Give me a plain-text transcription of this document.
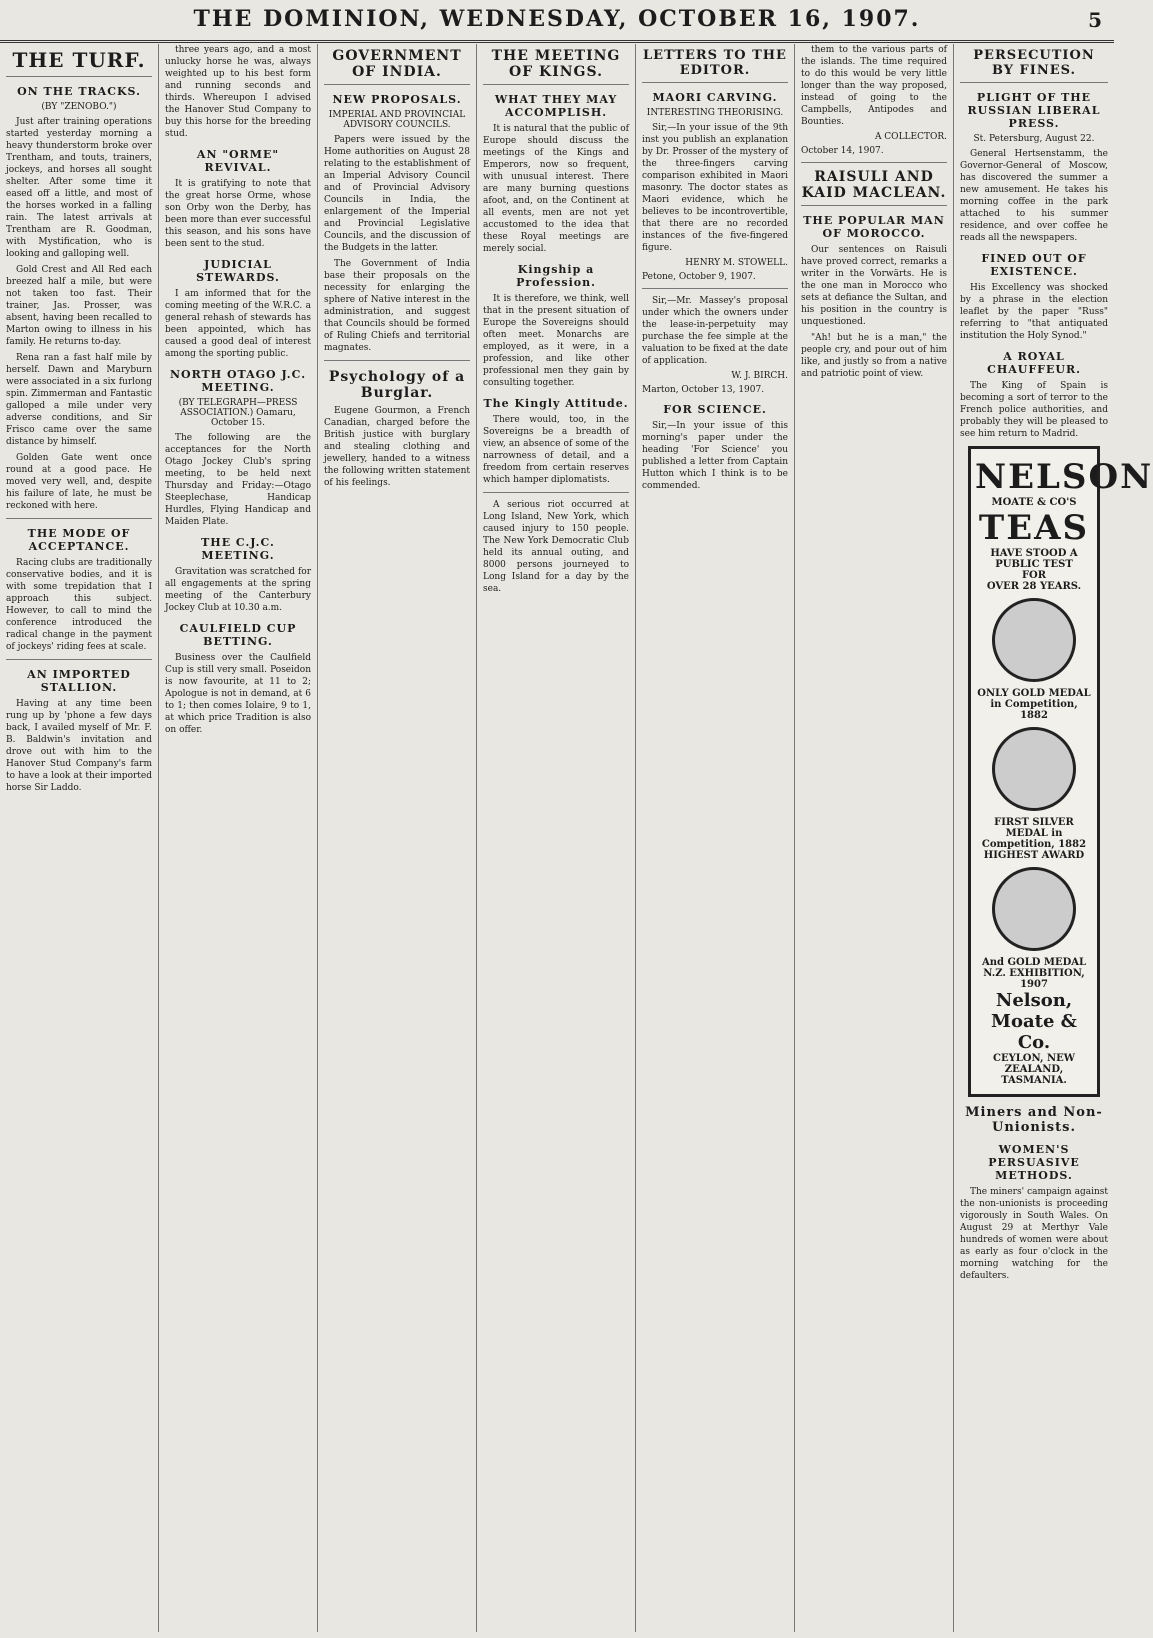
THE DOMINION, WEDNESDAY, OCTOBER 16, 1907.	5
THE TURF.
ON THE TRACKS.
(BY "ZENOBO.")

Just after training operations started yesterday morning a heavy thunderstorm broke over Trentham, and touts, trainers, jockeys, and horses all sought shelter. After some time it eased off a little, and most of the horses worked in a falling rain. The latest arrivals at Trentham are R. Goodman, with Mystification, who is looking and galloping well.

Gold Crest and All Red each breezed half a mile, but were not taken too fast. Their trainer, Jas. Prosser, was absent, having been recalled to Marton owing to illness in his family. He returns to-day.

Rena ran a fast half mile by herself. Dawn and Maryburn were associated in a six furlong spin. Zimmerman and Fantastic galloped a mile under very adverse conditions, and Sir Frisco came over the same distance by himself.

Golden Gate went once round at a good pace. He moved very well, and, despite his failure of late, he must be reckoned with here.

THE MODE OF ACCEPTANCE.

Racing clubs are traditionally conservative bodies, and it is with some trepidation that I approach this subject. However, to call to mind the conference introduced the radical change in the payment of jockeys' riding fees at scale.

AN IMPORTED STALLION.

Having at any time been rung up by 'phone a few days back, I availed myself of Mr. F. B. Baldwin's invitation and drove out with him to the Hanover Stud Company's farm to have a look at their imported horse Sir Laddo.

three years ago, and a most unlucky horse he was, always weighted up to his best form and running seconds and thirds. Whereupon I advised the Hanover Stud Company to buy this horse for the breeding stud.

AN "ORME" REVIVAL.

It is gratifying to note that the great horse Orme, whose son Orby won the Derby, has been more than ever successful this season, and his sons have been sent to the stud.

JUDICIAL STEWARDS.

I am informed that for the coming meeting of the W.R.C. a general rehash of stewards has been appointed, which has caused a good deal of interest among the sporting public.

NORTH OTAGO J.C. MEETING.
(BY TELEGRAPH—PRESS ASSOCIATION.) Oamaru, October 15.

The following are the acceptances for the North Otago Jockey Club's spring meeting, to be held next Thursday and Friday:—Otago Steeplechase, Handicap Hurdles, Flying Handicap and Maiden Plate.

THE C.J.C. MEETING.

Gravitation was scratched for all engagements at the spring meeting of the Canterbury Jockey Club at 10.30 a.m.

CAULFIELD CUP BETTING.

Business over the Caulfield Cup is still very small. Poseidon is now favourite, at 11 to 2; Apologue is not in demand, at 6 to 1; then comes Iolaire, 9 to 1, at which price Tradition is also on offer.

GOVERNMENT OF INDIA.
NEW PROPOSALS.
IMPERIAL AND PROVINCIAL ADVISORY COUNCILS.

Papers were issued by the Home authorities on August 28 relating to the establishment of an Imperial Advisory Council and of Provincial Advisory Councils in India, the enlargement of the Imperial and Provincial Legislative Councils, and the discussion of the Budgets in the latter.

The Government of India base their proposals on the necessity for enlarging the sphere of Native interest in the administration, and suggest that Councils should be formed of Ruling Chiefs and territorial magnates.

Psychology of a Burglar.

Eugene Gourmon, a French Canadian, charged before the British justice with burglary and stealing clothing and jewellery, handed to a witness the following written statement of his feelings.

THE MEETING OF KINGS.
WHAT THEY MAY ACCOMPLISH.

It is natural that the public of Europe should discuss the meetings of the Kings and Emperors, now so frequent, with unusual interest. There are many burning questions afoot, and, on the Continent at all events, men are not yet accustomed to the idea that these Royal meetings are merely social.

Kingship a Profession.

It is therefore, we think, well that in the present situation of Europe the Sovereigns should often meet. Monarchs are employed, as it were, in a profession, and like other professional men they gain by consulting together.

The Kingly Attitude.

There would, too, in the Sovereigns be a breadth of view, an absence of some of the narrowness of detail, and a freedom from certain reserves which hamper diplomatists.

A serious riot occurred at Long Island, New York, which caused injury to 150 people. The New York Democratic Club held its annual outing, and 8000 persons journeyed to Long Island for a day by the sea.

LETTERS TO THE EDITOR.
MAORI CARVING.
INTERESTING THEORISING.

Sir,—In your issue of the 9th inst you publish an explanation by Dr. Prosser of the mystery of the three-fingers carving comparison exhibited in Maori masonry. The doctor states as Maori evidence, which he believes to be incontrovertible, that there are no recorded instances of the five-fingered figure.

HENRY M. STOWELL.
Petone, October 9, 1907.

Sir,—Mr. Massey's proposal under which the owners under the lease-in-perpetuity may purchase the fee simple at the valuation to be fixed at the date of application.

W. J. BIRCH.
Marton, October 13, 1907.
FOR SCIENCE.

Sir,—In your issue of this morning's paper under the heading 'For Science' you published a letter from Captain Hutton which I think is to be commended.

them to the various parts of the islands. The time required to do this would be very little longer than the way proposed, instead of going to the Campbells, Antipodes and Bounties.

A COLLECTOR.
October 14, 1907.
RAISULI AND KAID MACLEAN.
THE POPULAR MAN OF MOROCCO.

Our sentences on Raisuli have proved correct, remarks a writer in the Vorwärts. He is the one man in Morocco who sets at defiance the Sultan, and his position in the country is unquestioned.

"Ah! but he is a man," the people cry, and pour out of him like, and justly so from a native and patriotic point of view.

PERSECUTION BY FINES.
PLIGHT OF THE RUSSIAN LIBERAL PRESS.
St. Petersburg, August 22.

General Hertsenstamm, the Governor-General of Moscow, has discovered the summer a new amusement. He takes his morning coffee in the park attached to his summer residence, and over coffee he reads all the newspapers.

FINED OUT OF EXISTENCE.

His Excellency was shocked by a phrase in the election leaflet by the paper "Russ" referring to "that antiquated institution the Holy Synod."

A ROYAL CHAUFFEUR.

The King of Spain is becoming a sort of terror to the French police authorities, and probably they will be pleased to see him return to Madrid.

NELSON
MOATE & CO'S
TEAS
HAVE STOOD A PUBLIC TEST
FOR
OVER 28 YEARS.
ONLY GOLD MEDAL in Competition, 1882
FIRST SILVER MEDAL in Competition, 1882
HIGHEST AWARD
And GOLD MEDAL N.Z. EXHIBITION, 1907
Nelson, Moate & Co.
CEYLON, NEW ZEALAND, TASMANIA.
Miners and Non-Unionists.
WOMEN'S PERSUASIVE METHODS.

The miners' campaign against the non-unionists is proceeding vigorously in South Wales. On August 29 at Merthyr Vale hundreds of women were about as early as four o'clock in the morning watching for the defaulters.
